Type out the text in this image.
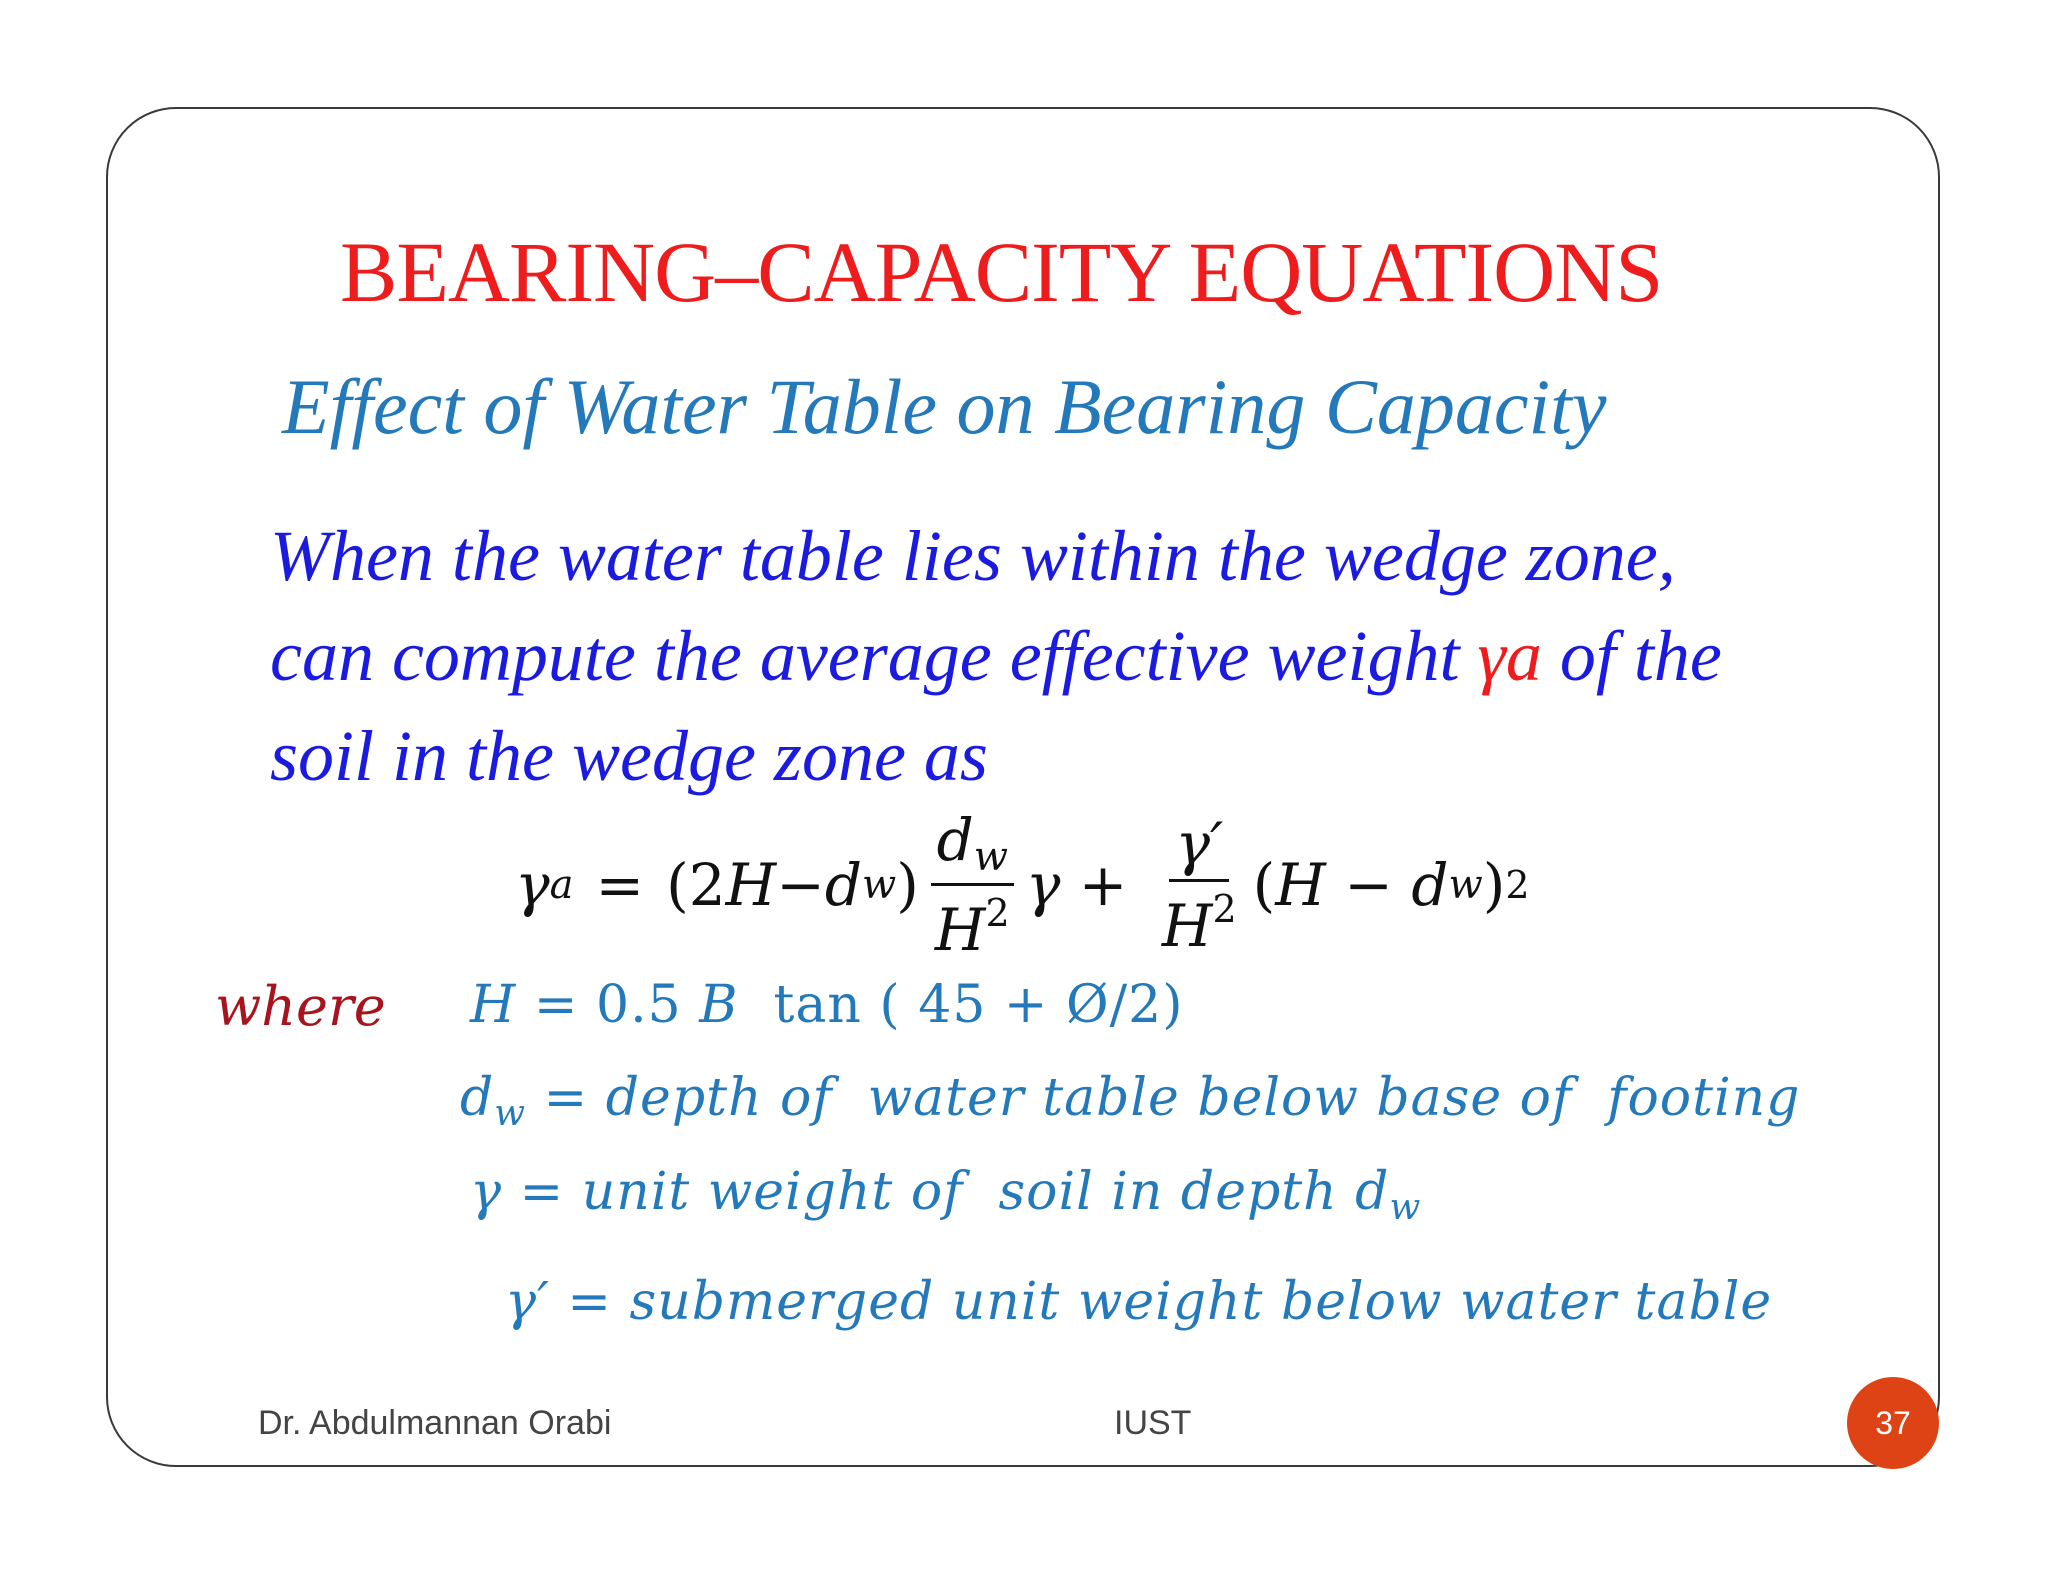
BEARING–CAPACITY EQUATIONS
Effect of Water Table on Bearing Capacity
When the water table lies within the wedge zone,
can compute the average effective weight γa of the
soil in the wedge zone as
γ a = (2 H − d w ) $\frac{d_w}{H^2}$ $\gamma + \frac{\gamma'}{H^2}$ ( H − d w ) 2
where H = 0.5 B  tan ( 45 + Ø/2)
$d_w$ = depth of  water table below base of  footing
γ = unit weight of  soil in depth $d_w$
γ′ = submerged unit weight below water table
Dr. Abdulmannan Orabi	IUST	37
